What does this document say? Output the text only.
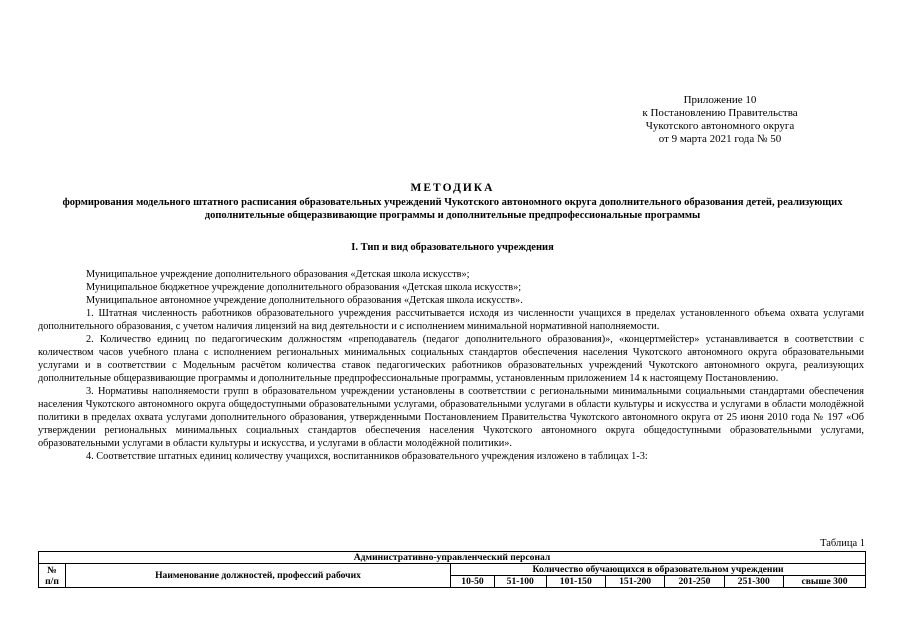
Приложение 10
к Постановлению Правительства
Чукотского автономного округа
от 9 марта 2021 года № 50
МЕТОДИКА
формирования модельного штатного расписания образовательных учреждений Чукотского автономного округа дополнительного образования детей, реализующих дополнительные общеразвивающие программы и дополнительные предпрофессиональные программы
I. Тип и вид образовательного учреждения

Муниципальное учреждение дополнительного образования «Детская школа искусств»;

Муниципальное бюджетное учреждение дополнительного образования «Детская школа искусств»;

Муниципальное автономное учреждение дополнительного образования «Детская школа искусств».

1. Штатная численность работников образовательного учреждения рассчитывается исходя из численности учащихся в пределах установленного объема охвата услугами дополнительного образования, с учетом наличия лицензий на вид деятельности и с исполнением минимальной нормативной наполняемости.

2. Количество единиц по педагогическим должностям «преподаватель (педагог дополнительного образования)», «концертмейстер» устанавливается в соответствии с количеством часов учебного плана с исполнением региональных минимальных социальных стандартов обеспечения населения Чукотского автономного округа образовательными услугами и в соответствии с Модельным расчётом количества ставок педагогических работников образовательных учреждений Чукотского автономного округа, реализующих дополнительные общеразвивающие программы и дополнительные предпрофессиональные программы, установленным приложением 14 к настоящему Постановлению.

3. Нормативы наполняемости групп в образовательном учреждении установлены в соответствии с региональными минимальными социальными стандартами обеспечения населения Чукотского автономного округа общедоступными образовательными услугами, образовательными услугами в области культуры и искусства и услугами в области молодёжной политики в пределах охвата услугами дополнительного образования, утвержденными Постановлением Правительства Чукотского автономного округа от 25 июня 2010 года № 197 «Об утверждении региональных минимальных социальных стандартов обеспечения населения Чукотского автономного округа общедоступными образовательными услугами, образовательными услугами в области культуры и искусства, и услугами в области молодёжной политики».

4. Соответствие штатных единиц количеству учащихся, воспитанников образовательного учреждения изложено в таблицах 1-3:

Таблица 1
Административно-управленческий персонал								

№
п/п	Наименование должностей, профессий рабочих	Количество обучающихся в образовательном учреждении						
		10-50	51-100	101-150	151-200	201-250	251-300	свыше 300
